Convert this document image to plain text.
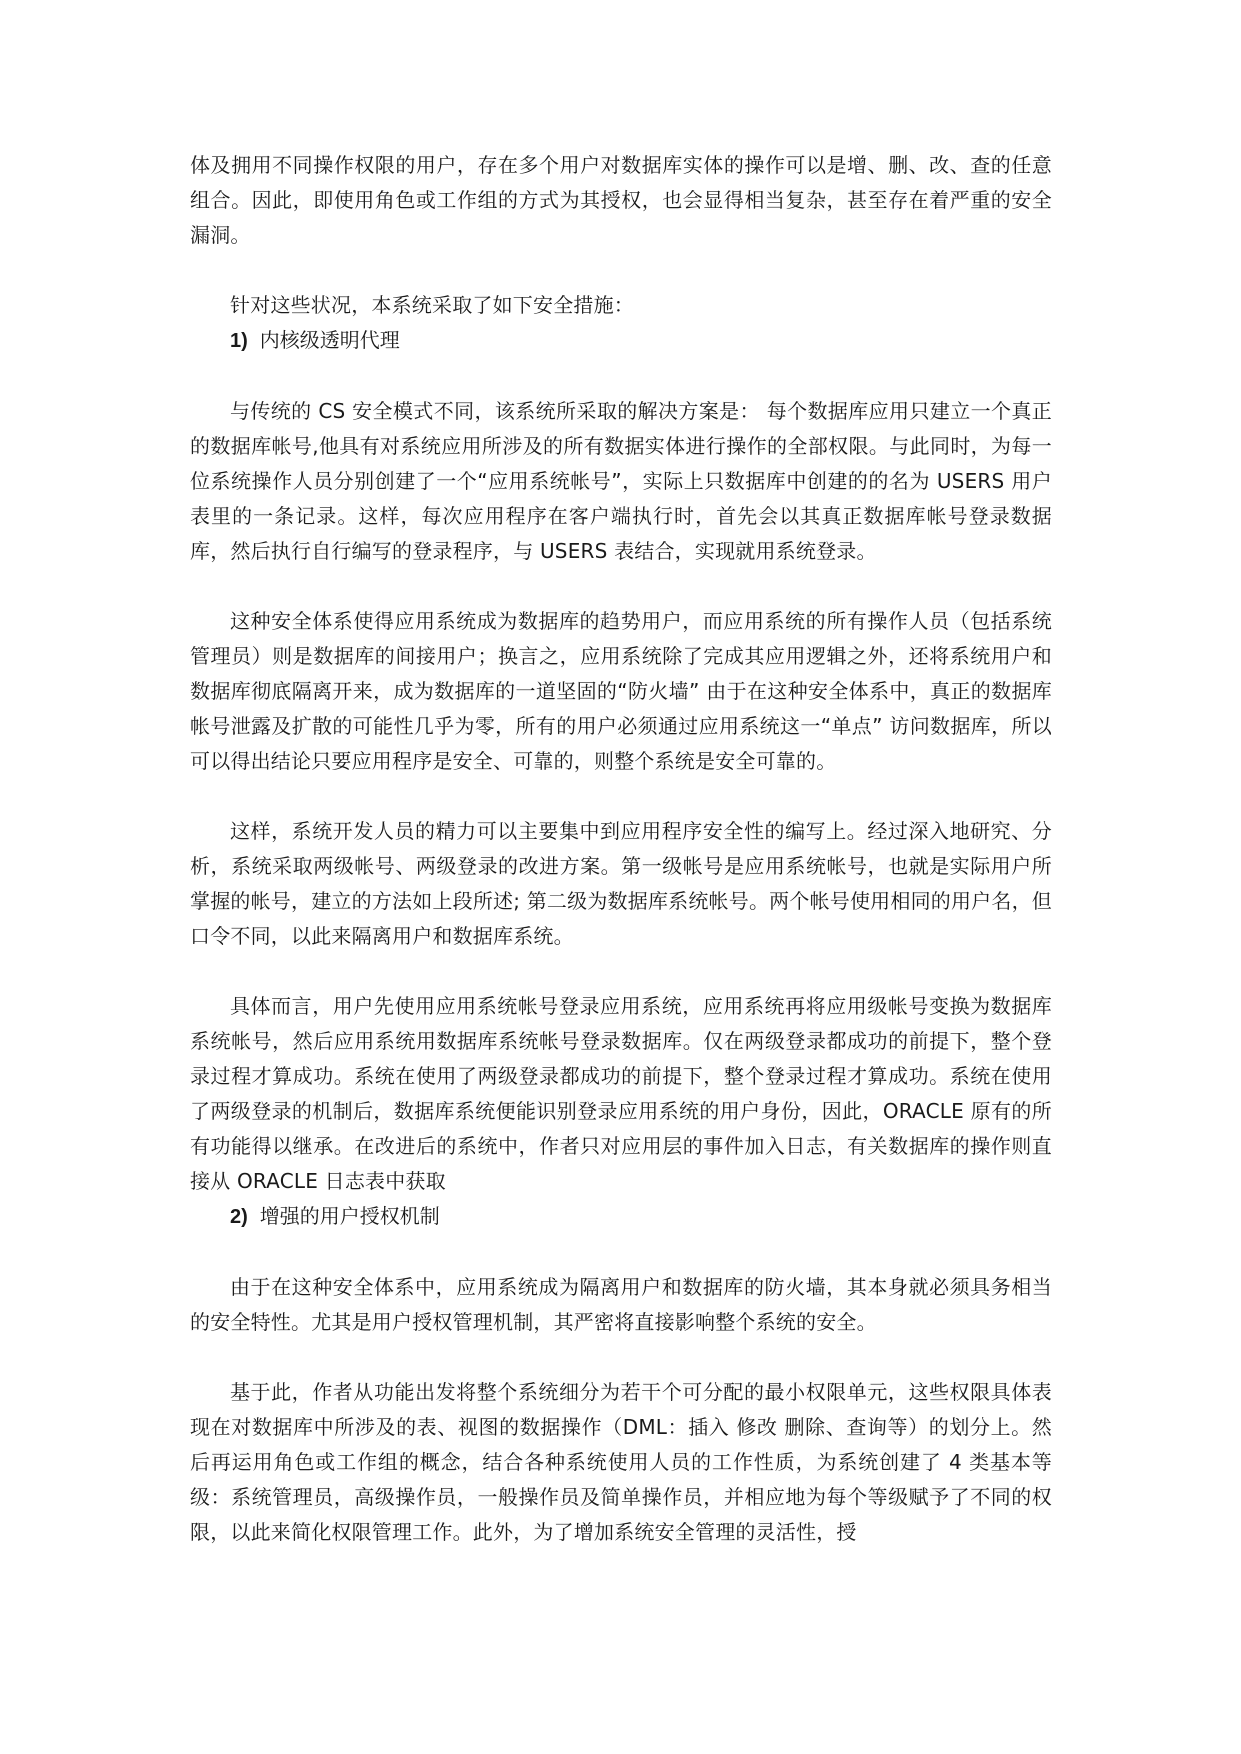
体及拥用不同操作权限的用户，存在多个用户对数据库实体的操作可以是增、删、改、查的任意组合。因此，即使用角色或工作组的方式为其授权，也会显得相当复杂，甚至存在着严重的安全漏洞。

针对这些状况，本系统采取了如下安全措施：

1) 内核级透明代理

与传统的 CS 安全模式不同，该系统所采取的解决方案是： 每个数据库应用只建立一个真正的数据库帐号,他具有对系统应用所涉及的所有数据实体进行操作的全部权限。与此同时，为每一位系统操作人员分别创建了一个“应用系统帐号”，实际上只数据库中创建的的名为 USERS 用户表里的一条记录。这样，每次应用程序在客户端执行时，首先会以其真正数据库帐号登录数据库，然后执行自行编写的登录程序，与 USERS 表结合，实现就用系统登录。

这种安全体系使得应用系统成为数据库的趋势用户，而应用系统的所有操作人员（包括系统管理员）则是数据库的间接用户；换言之，应用系统除了完成其应用逻辑之外，还将系统用户和数据库彻底隔离开来，成为数据库的一道坚固的“防火墙” 由于在这种安全体系中，真正的数据库帐号泄露及扩散的可能性几乎为零，所有的用户必须通过应用系统这一“单点” 访问数据库，所以可以得出结论只要应用程序是安全、可靠的，则整个系统是安全可靠的。

这样，系统开发人员的精力可以主要集中到应用程序安全性的编写上。经过深入地研究、分析，系统采取两级帐号、两级登录的改进方案。第一级帐号是应用系统帐号，也就是实际用户所掌握的帐号，建立的方法如上段所述; 第二级为数据库系统帐号。两个帐号使用相同的用户名，但口令不同，以此来隔离用户和数据库系统。

具体而言，用户先使用应用系统帐号登录应用系统，应用系统再将应用级帐号变换为数据库系统帐号，然后应用系统用数据库系统帐号登录数据库。仅在两级登录都成功的前提下，整个登录过程才算成功。系统在使用了两级登录都成功的前提下，整个登录过程才算成功。系统在使用了两级登录的机制后，数据库系统便能识别登录应用系统的用户身份，因此，ORACLE 原有的所有功能得以继承。在改进后的系统中，作者只对应用层的事件加入日志，有关数据库的操作则直接从 ORACLE 日志表中获取

2) 增强的用户授权机制

由于在这种安全体系中，应用系统成为隔离用户和数据库的防火墙，其本身就必须具务相当的安全特性。尤其是用户授权管理机制，其严密将直接影响整个系统的安全。

基于此，作者从功能出发将整个系统细分为若干个可分配的最小权限单元，这些权限具体表现在对数据库中所涉及的表、视图的数据操作（DML：插入 修改 删除、查询等）的划分上。然后再运用角色或工作组的概念，结合各种系统使用人员的工作性质，为系统创建了 4 类基本等级：系统管理员，高级操作员，一般操作员及简单操作员，并相应地为每个等级赋予了不同的权限，以此来简化权限管理工作。此外，为了增加系统安全管理的灵活性，授
